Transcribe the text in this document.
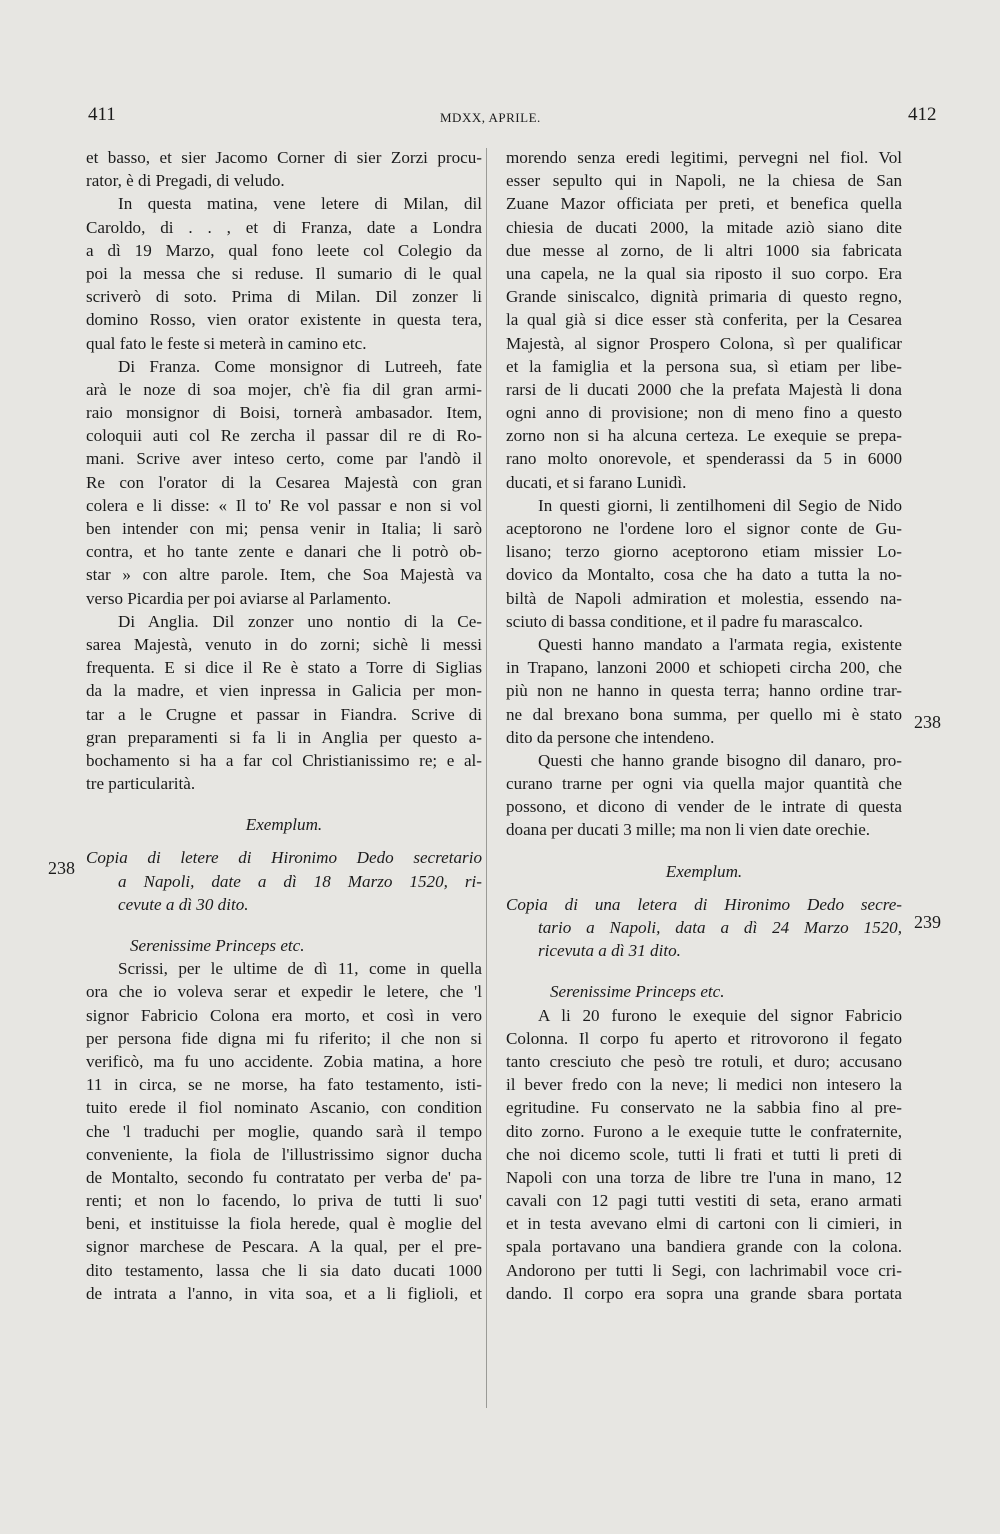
411	MDXX, APRILE.	412
238
238
239
et basso, et sier Jacomo Corner di sier Zorzi procu-
rator, è di Pregadi, di veludo.
In questa matina, vene letere di Milan, dil
Caroldo, di . . , et di Franza, date a Londra
a dì 19 Marzo, qual fono leete col Colegio da
poi la messa che si reduse. Il sumario di le qual
scriverò di soto. Prima di Milan. Dil zonzer li
domino Rosso, vien orator existente in questa tera,
qual fato le feste si meterà in camino etc.
Di Franza. Come monsignor di Lutreeh, fate
arà le noze di soa mojer, ch'è fia dil gran armi-
raio monsignor di Boisi, tornerà ambasador. Item,
coloquii auti col Re zercha il passar dil re di Ro-
mani. Scrive aver inteso certo, come par l'andò il
Re con l'orator di la Cesarea Majestà con gran
colera e li disse: « Il to' Re vol passar e non si vol
ben intender con mi; pensa venir in Italia; li sarò
contra, et ho tante zente e danari che li potrò ob-
star » con altre parole. Item, che Soa Majestà va
verso Picardia per poi aviarse al Parlamento.
Di Anglia. Dil zonzer uno nontio di la Ce-
sarea Majestà, venuto in do zorni; sichè li messi
frequenta. E si dice il Re è stato a Torre di Siglias
da la madre, et vien inpressa in Galicia per mon-
tar a le Crugne et passar in Fiandra. Scrive di
gran preparamenti si fa li in Anglia per questo a-
bochamento si ha a far col Christianissimo re; e al-
tre particularità.
Exemplum.
Copia di letere di Hironimo Dedo secretario
a Napoli, date a dì 18 Marzo 1520, ri-
cevute a dì 30 dito.
Serenissime Princeps etc.
Scrissi, per le ultime de dì 11, come in quella
ora che io voleva serar et expedir le letere, che 'l
signor Fabricio Colona era morto, et così in vero
per persona fide digna mi fu riferito; il che non si
verificò, ma fu uno accidente. Zobia matina, a hore
11 in circa, se ne morse, ha fato testamento, isti-
tuito erede il fiol nominato Ascanio, con condition
che 'l traduchi per moglie, quando sarà il tempo
conveniente, la fiola de l'illustrissimo signor ducha
de Montalto, secondo fu contratato per verba de' pa-
renti; et non lo facendo, lo priva de tutti li suo'
beni, et instituisse la fiola herede, qual è moglie del
signor marchese de Pescara. A la qual, per el pre-
dito testamento, lassa che li sia dato ducati 1000
de intrata a l'anno, in vita soa, et a li figlioli, et
morendo senza eredi legitimi, pervegni nel fiol. Vol
esser sepulto qui in Napoli, ne la chiesa de San
Zuane Mazor officiata per preti, et benefica quella
chiesia de ducati 2000, la mitade aziò siano dite
due messe al zorno, de li altri 1000 sia fabricata
una capela, ne la qual sia riposto il suo corpo. Era
Grande siniscalco, dignità primaria di questo regno,
la qual già si dice esser stà conferita, per la Cesarea
Majestà, al signor Prospero Colona, sì per qualificar
et la famiglia et la persona sua, sì etiam per libe-
rarsi de li ducati 2000 che la prefata Majestà li dona
ogni anno di provisione; non di meno fino a questo
zorno non si ha alcuna certeza. Le exequie se prepa-
rano molto onorevole, et spenderassi da 5 in 6000
ducati, et si farano Lunidì.
In questi giorni, li zentilhomeni dil Segio de Nido
aceptorono ne l'ordene loro el signor conte de Gu-
lisano; terzo giorno aceptorono etiam missier Lo-
dovico da Montalto, cosa che ha dato a tutta la no-
biltà de Napoli admiration et molestia, essendo na-
sciuto di bassa conditione, et il padre fu marascalco.
Questi hanno mandato a l'armata regia, existente
in Trapano, lanzoni 2000 et schiopeti circha 200, che
più non ne hanno in questa terra; hanno ordine trar-
ne dal brexano bona summa, per quello mi è stato
dito da persone che intendeno.
Questi che hanno grande bisogno dil danaro, pro-
curano trarne per ogni via quella major quantità che
possono, et dicono di vender de le intrate di questa
doana per ducati 3 mille; ma non li vien date orechie.
Exemplum.
Copia di una letera di Hironimo Dedo secre-
tario a Napoli, data a dì 24 Marzo 1520,
ricevuta a dì 31 dito.
Serenissime Princeps etc.
A li 20 furono le exequie del signor Fabricio
Colonna. Il corpo fu aperto et ritrovorono il fegato
tanto cresciuto che pesò tre rotuli, et duro; accusano
il bever fredo con la neve; li medici non intesero la
egritudine. Fu conservato ne la sabbia fino al pre-
dito zorno. Furono a le exequie tutte le confraternite,
che noi dicemo scole, tutti li frati et tutti li preti di
Napoli con una torza de libre tre l'una in mano, 12
cavali con 12 pagi tutti vestiti di seta, erano armati
et in testa avevano elmi di cartoni con li cimieri, in
spala portavano una bandiera grande con la colona.
Andorono per tutti li Segi, con lachrimabil voce cri-
dando. Il corpo era sopra una grande sbara portata
